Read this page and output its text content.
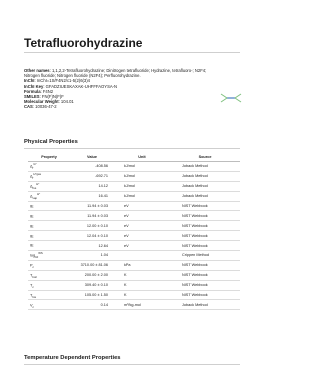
Tetrafluorohydrazine
Other names: 1,1,2,2-Tetrafluorohydrazine; Dinitrogen tetrafluoride; Hydrazine, tetrafluoro-; N2F4; Nitrogen fluoride; Nitrogen fluoride (N2F4); Perfluorohydrazine.
InChI: InChI=1S/F4N2/c1-5(2)6(3)4
InChI Key: GFADZIUESKAXAK-UHFFFAOYSA-N
Formula: F4N2
SMILES: FN(F)N(F)F
Molecular Weight: 104.01
CAS: 10036-47-2
Physical Properties
Property	Value	Unit	Source
$\Delta_f^{G^\circ}$	-408.56	kJ/mol	Joback Method
$\Delta_f^{H^\circ gas}$	-692.71	kJ/mol	Joback Method
$\Delta_{fus}^{H^\circ}$	14.12	kJ/mol	Joback Method
$\Delta_{vap}^{H^\circ}$	16.41	kJ/mol	Joback Method
IE	11.94 ± 0.03	eV	NIST Webbook
IE	11.94 ± 0.03	eV	NIST Webbook
IE	12.00 ± 0.10	eV	NIST Webbook
IE	12.04 ± 0.10	eV	NIST Webbook
IE	12.64	eV	NIST Webbook
$\log_{10}^{WS}$	1.04		Crippen Method
$P_c$	3710.00 ± 81.06	kPa	NIST Webbook
$T_{boil}$	200.00 ± 2.00	K	NIST Webbook
$T_c$	309.40 ± 0.10	K	NIST Webbook
$T_{fus}$	105.00 ± 1.50	K	NIST Webbook
$V_c$	0.14	m³/kg-mol	Joback Method
Temperature Dependent Properties
